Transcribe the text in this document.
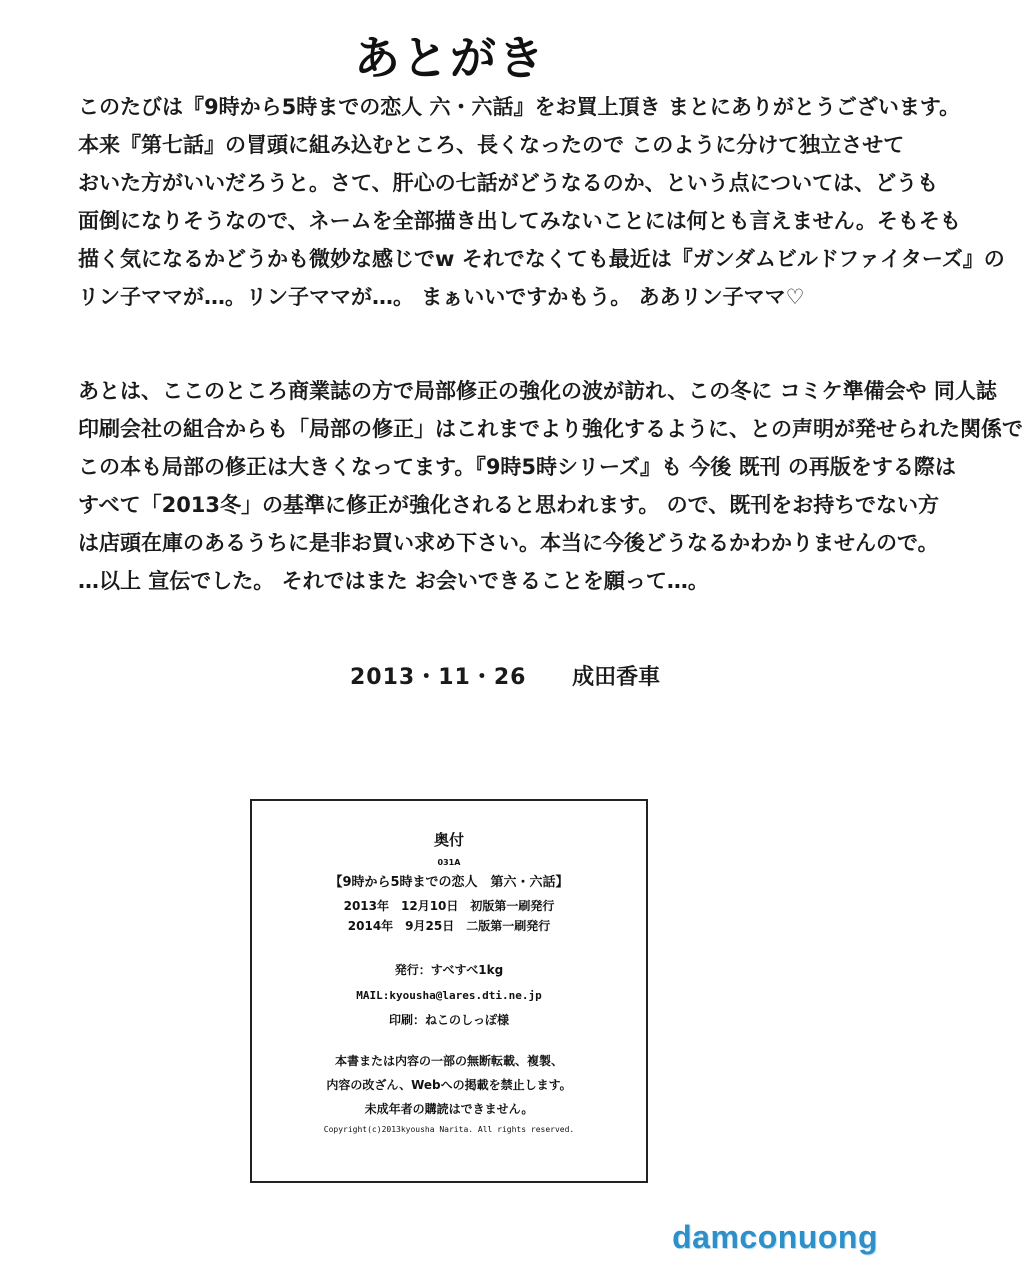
あとがき
このたびは『9時から5時までの恋人 六・六話』をお買上頂き まとにありがとうございます。
本来『第七話』の冒頭に組み込むところ、長くなったので このように分けて独立させて
おいた方がいいだろうと。さて、肝心の七話がどうなるのか、という点については、どうも
面倒になりそうなので、ネームを全部描き出してみないことには何とも言えません。そもそも
描く気になるかどうかも微妙な感じでw それでなくても最近は『ガンダムビルドファイターズ』の
リン子ママが…。リン子ママが…。 まぁいいですかもう。 ああリン子ママ♡
あとは、ここのところ商業誌の方で局部修正の強化の波が訪れ、この冬に コミケ準備会や 同人誌
印刷会社の組合からも「局部の修正」はこれまでより強化するように、との声明が発せられた関係で
この本も局部の修正は大きくなってます。『9時5時シリーズ』も 今後 既刊 の再版をする際は
すべて「2013冬」の基準に修正が強化されると思われます。 ので、既刊をお持ちでない方
は店頭在庫のあるうちに是非お買い求め下さい。本当に今後どうなるかわかりませんので。
…以上 宣伝でした。 それではまた お会いできることを願って…。
2013・11・26 成田香車
奥付
031A
【9時から5時までの恋人　第六・六話】
2013年　12月10日　初版第一刷発行
2014年　9月25日　二版第一刷発行
発行：すべすべ1kg
MAIL:kyousha@lares.dti.ne.jp
印刷：ねこのしっぽ様
本書または内容の一部の無断転載、複製、
内容の改ざん、Webへの掲載を禁止します。
未成年者の購読はできません。
Copyright(c)2013kyousha Narita. All rights reserved.
damconuong
